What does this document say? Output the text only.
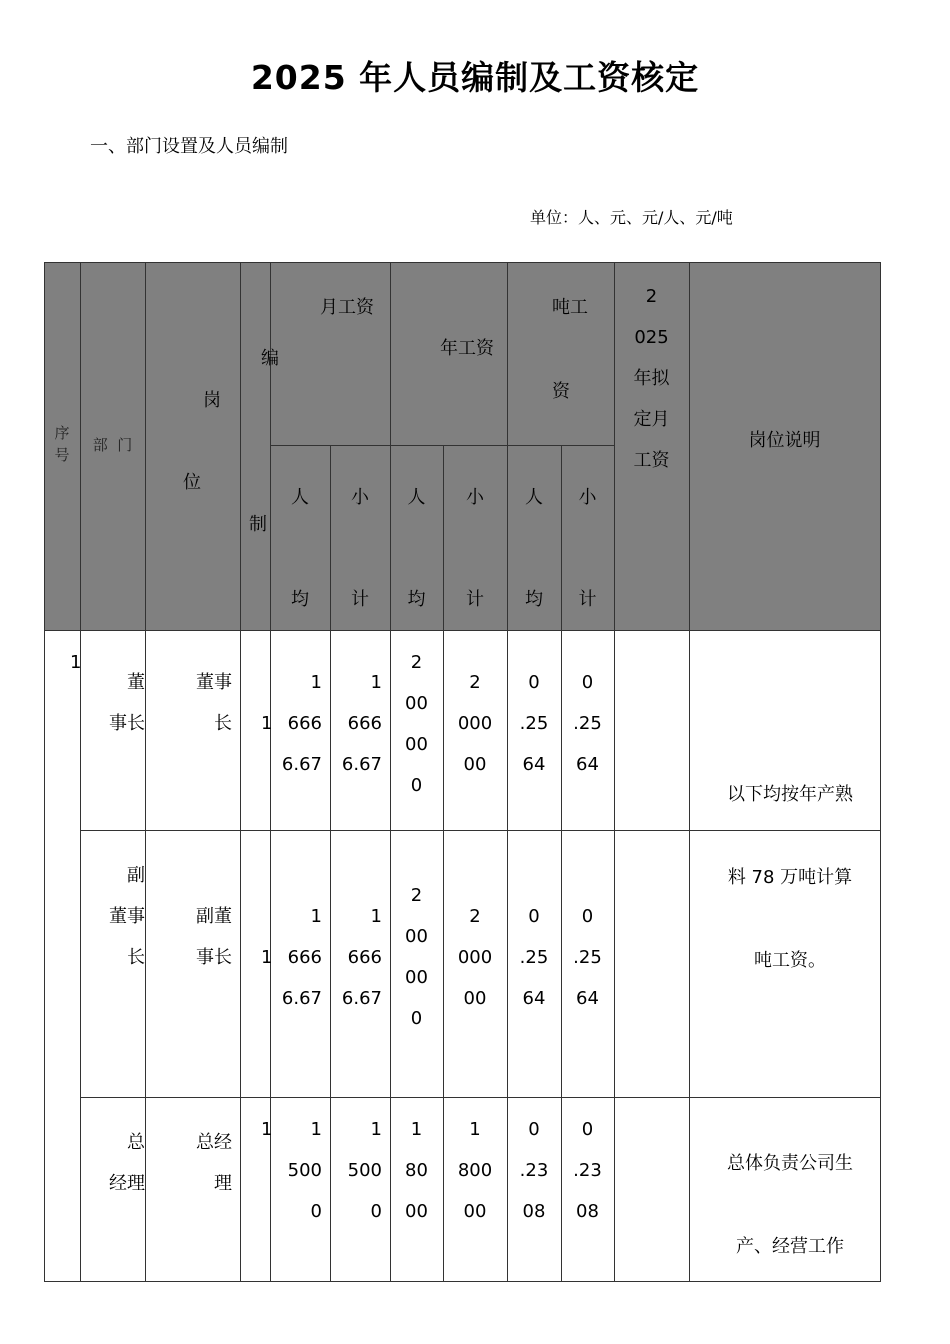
2025 年人员编制及工资核定
一、部门设置及人员编制
单位：人、元、元/人、元/吨
序
号
部  门
岗
位
编
制
月工资
年工资
吨工

资
人

均
小

计
人

均
小

计
人

均
小

计
2
025
年拟
定月
工资
岗位说明
1
董
事长
董事
长 1
1
666
6.67
1
666
6.67
2
00
00
0
2
000
00
0
.25
64
0
.25
64
副
董事
长
副董
事长 1
1
666
6.67
1
666
6.67
2
00
00
0
2
000
00
0
.25
64
0
.25
64
总
经理
总经
理
1	1
500
0
1
500
0
1
80
00
1
800
00
0
.23
08
0
.23
08
以下均按年产熟
料 78 万吨计算
吨工资。
总体负责公司生
产、经营工作
